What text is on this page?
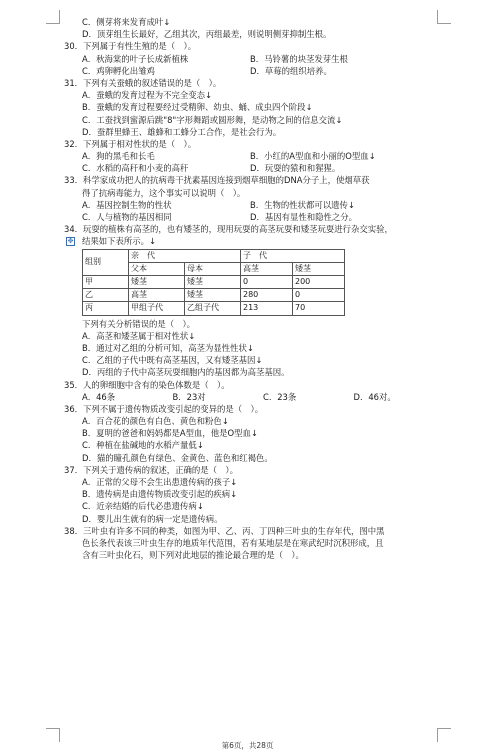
C．侧芽将来发育成叶↓
D．顶芽组生长最好，乙组其次，丙组最差，则说明侧芽抑制生根。
30．下列属于有性生殖的是（　）。
A．秋海棠的叶子长成新植株	B．马铃薯的块茎发芽生根
C．鸡卵孵化出雏鸡	D．草莓的组织培养。
31．下列有关蚕蛾的叙述错误的是（　）。
A．蚕蛾的发育过程为不完全变态↓
B．蚕蛾的发育过程要经过受精卵、幼虫、蛹、成虫四个阶段↓
C．工蚕找到蜜源后跳"8"字形舞蹈或圆形舞，是动物之间的信息交流↓
D．蚕群里蜂王、雄蜂和工蜂分工合作，是社会行为。
32．下列属于相对性状的是（　）。
A．狗的黑毛和长毛	B．小红的A型血和小丽的O型血↓
C．水稻的高秆和小麦的高秆	D．玩耍的猿和和猩猩。
33．科学家成功把人的抗病毒干扰素基因连接到烟草细胞的DNA分子上，使烟草获
得了抗病毒能力，这个事实可以说明（　）。
A．基因控制生物的性状	B．生物的性状都可以遗传↓
C．人与植物的基因相同	D．基因有显性和隐性之分。
34．玩耍的植株有高茎的，也有矮茎的，现用玩耍的高茎玩耍和矮茎玩耍进行杂交实验，
结果如下表所示。↓
✥
组别	亲　代		子　代	
	父本	母本	高茎	矮茎
甲	矮茎	矮茎	0	200
乙	高茎	矮茎	280	0
丙	甲组子代	乙组子代	213	70
下列有关分析错误的是（　）。
A．高茎和矮茎属于相对性状↓
B．通过对乙组的分析可知，高茎为显性性状↓
C．乙组的子代中既有高茎基因，又有矮茎基因↓
D．丙组的子代中高茎玩耍细胞内的基因都为高茎基因。
35．人的卵细胞中含有的染色体数是（　）。
A．46条	B．23对	C．23条	D．46对。
36．下列不属于遗传物质改变引起的变异的是（　）。
A．百合花的颜色有白色、黄色和粉色↓
B．夏明的爸爸和妈妈都是A型血，他是O型血↓
C．种植在盐碱地的水稻产量低↓
D．猫的瞳孔颜色有绿色、金黄色、蓝色和红褐色。
37．下列关于遗传病的叙述，正确的是（　）。
A．正常的父母不会生出患遗传病的孩子↓
B．遗传病是由遗传物质改变引起的疾病↓
C．近亲结婚的后代必患遗传病↓
D．婴儿出生就有的病一定是遗传病。
38．三叶虫有许多不同的种类，如图为甲、乙、丙、丁四种三叶虫的生存年代，图中黑
色长条代表该三叶虫生存的地质年代范围，若有某地层是在寒武纪时沉积形成，且
含有三叶虫化石，则下列对此地层的推论最合理的是（　）。
第6页，共28页
